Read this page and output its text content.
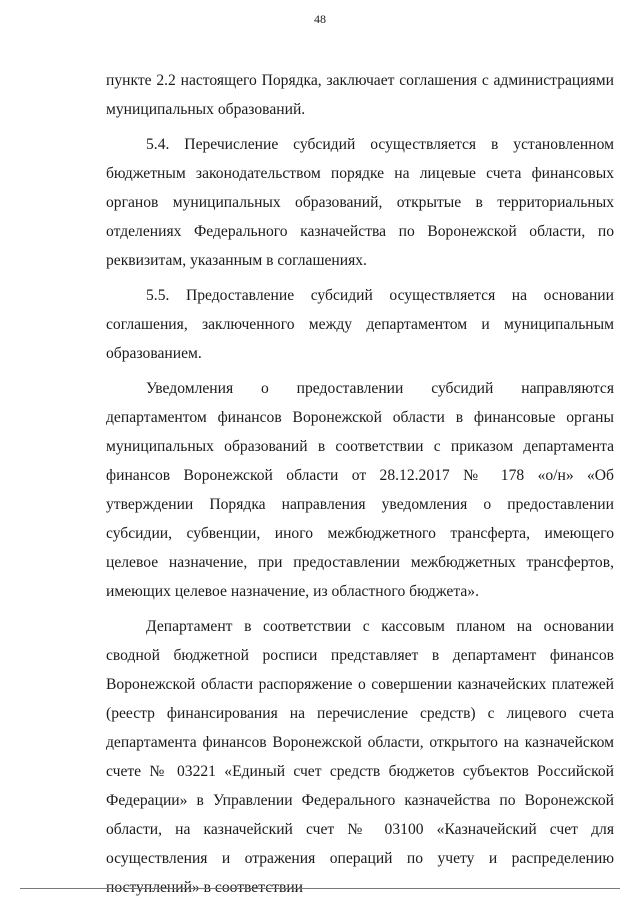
48

пункте 2.2 настоящего Порядка, заключает соглашения с администрациями муниципальных образований.

5.4. Перечисление субсидий осуществляется в установленном бюджетным законодательством порядке на лицевые счета финансовых органов муниципальных образований, открытые в территориальных отделениях Федерального казначейства по Воронежской области, по реквизитам, указанным в соглашениях.

5.5. Предоставление субсидий осуществляется на основании соглашения, заключенного между департаментом и муниципальным образованием.

Уведомления о предоставлении субсидий направляются департаментом финансов Воронежской области в финансовые органы муниципальных образований в соответствии с приказом департамента финансов Воронежской области от 28.12.2017 № 178 «о/н» «Об утверждении Порядка направления уведомления о предоставлении субсидии, субвенции, иного межбюджетного трансферта, имеющего целевое назначение, при предоставлении межбюджетных трансфертов, имеющих целевое назначение, из областного бюджета».

Департамент в соответствии с кассовым планом на основании сводной бюджетной росписи представляет в департамент финансов Воронежской области распоряжение о совершении казначейских платежей (реестр финансирования на перечисление средств) с лицевого счета департамента финансов Воронежской области, открытого на казначейском счете № 03221 «Единый счет средств бюджетов субъектов Российской Федерации» в Управлении Федерального казначейства по Воронежской области, на казначейский счет № 03100 «Казначейский счет для осуществления и отражения операций по учету и распределению поступлений» в соответствии
